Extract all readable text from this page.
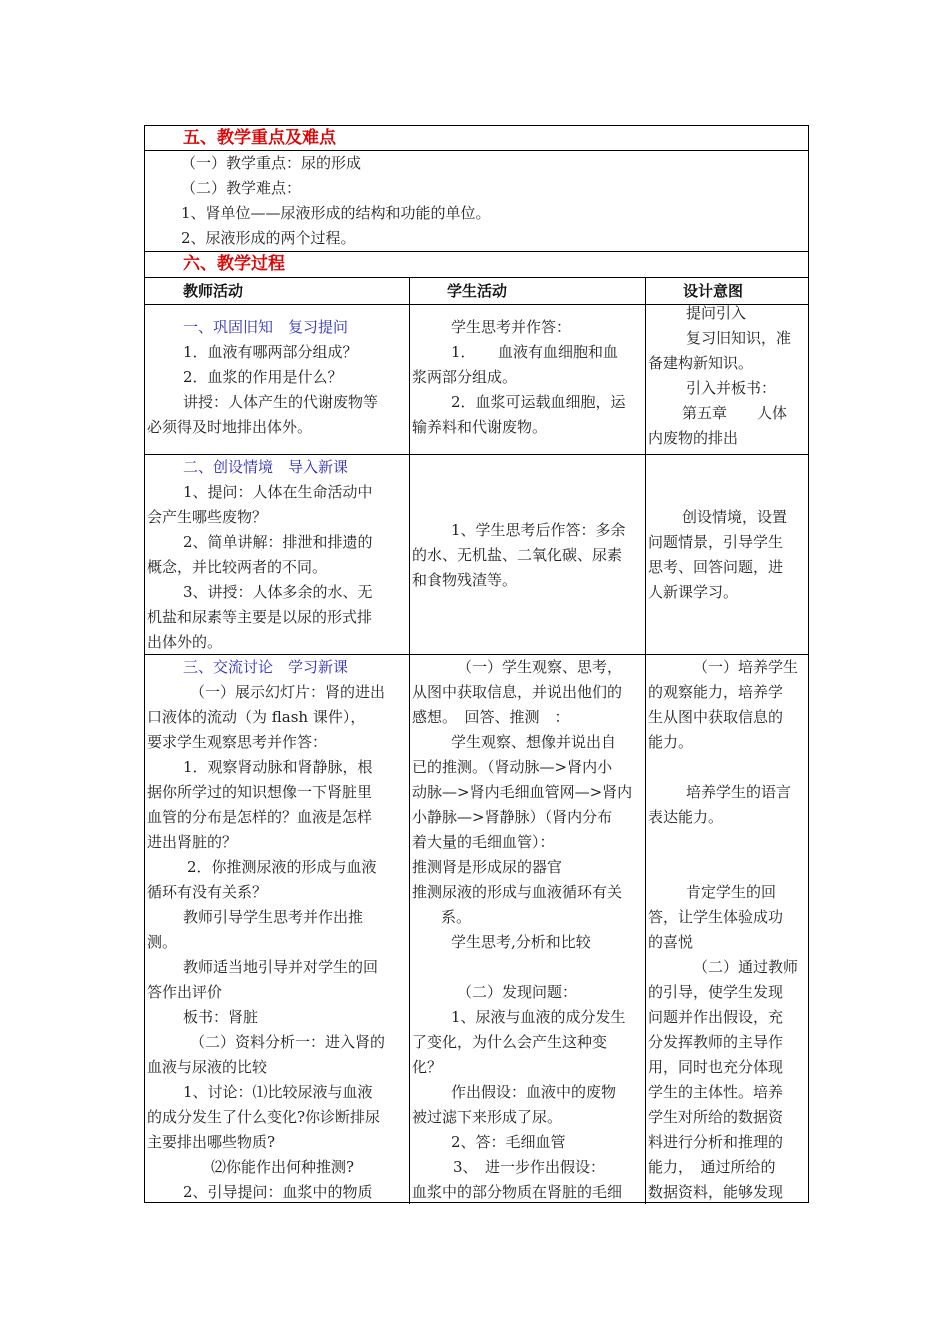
五、教学重点及难点
（一）教学重点：尿的形成
（二）教学难点：
1、肾单位——尿液形成的结构和功能的单位。
2、尿液形成的两个过程。
六、教学过程
教师活动	学生活动	设计意图
一、巩固旧知　复习提问
1．血液有哪两部分组成？
2．血浆的作用是什么？
讲授：人体产生的代谢废物等
必须得及时地排出体外。
学生思考并作答：
1．　　血液有血细胞和血
浆两部分组成。
2．血浆可运载血细胞，运
输养料和代谢废物。
提问引入
复习旧知识，准
备建构新知识。
引入并板书：
第五章　　人体
内废物的排出
二、创设情境　导入新课
1、提问：人体在生命活动中
会产生哪些废物？
2、简单讲解：排泄和排遗的
概念，并比较两者的不同。
3、讲授：人体多余的水、无
机盐和尿素等主要是以尿的形式排
出体外的。
1、学生思考后作答：多余
的水、无机盐、二氧化碳、尿素
和食物残渣等。
创设情境，设置
问题情景，引导学生
思考、回答问题，进
人新课学习。
三、交流讨论　学习新课
（一）展示幻灯片：肾的进出
口液体的流动（为 flash 课件），
要求学生观察思考并作答：
1．观察肾动脉和肾静脉，根
据你所学过的知识想像一下肾脏里
血管的分布是怎样的？血液是怎样
进出肾脏的？
2．你推测尿液的形成与血液
循环有没有关系？
教师引导学生思考并作出推
测。
教师适当地引导并对学生的回
答作出评价
板书：肾脏
（二）资料分析一：进入肾的
血液与尿液的比较
1、讨论：⑴比较尿液与血液
的成分发生了什么变化?你诊断排尿
主要排出哪些物质?
⑵你能作出何种推测?
2、引导提问：血浆中的物质
（一）学生观察、思考，
从图中获取信息，并说出他们的
感想。　回答、推测　：
学生观察、想像并说出自
已的推测。（肾动脉—>肾内小
动脉—>肾内毛细血管网—>肾内
小静脉—>肾静脉）（肾内分布
着大量的毛细血管）：
推测肾是形成尿的器官
推测尿液的形成与血液循环有关
系。
学生思考,分析和比较
（二）发现问题：
1、尿液与血液的成分发生
了变化，为什么会产生这种变
化？
作出假设：血液中的废物
被过滤下来形成了尿。
2、答：毛细血管
3、　进一步作出假设：
血浆中的部分物质在肾脏的毛细
（一）培养学生
的观察能力，培养学
生从图中获取信息的
能力。
培养学生的语言
表达能力。
肯定学生的回
答，让学生体验成功
的喜悦
（二）通过教师
的引导，使学生发现
问题并作出假设，充
分发挥教师的主导作
用，同时也充分体现
学生的主体性。培养
学生对所给的数据资
料进行分析和推理的
能力，　通过所给的
数据资料，能够发现
